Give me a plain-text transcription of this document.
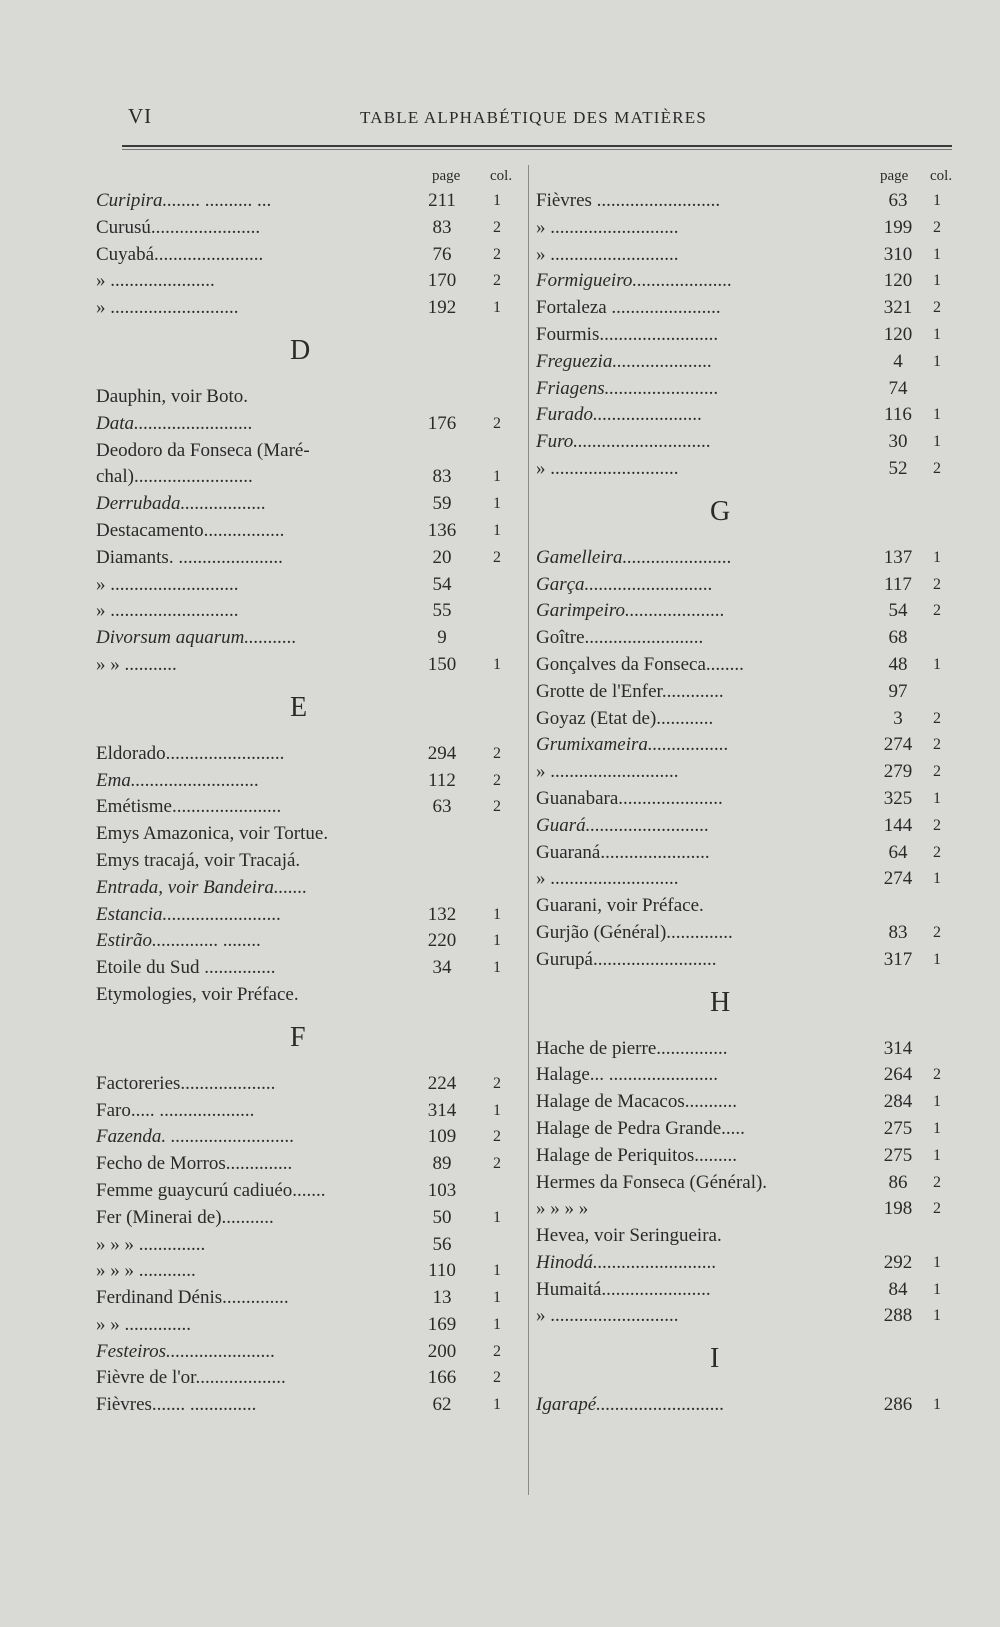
VI	TABLE ALPHABÉTIQUE DES MATIÈRES
page col.
Curipira........ .......... ...	211	1
Curusú.......................	83	2
Cuyabá.......................	76	2
» ......................	170	2
» ...........................	192	1
D
Dauphin, voir Boto.
Data.........................	176	2
Deodoro da Fonseca (Maré-
chal).........................	83	1
Derrubada..................	59	1
Destacamento.................	136	1
Diamants. ......................	20	2
» ...........................	54
» ...........................	55
Divorsum aquarum...........	9
» » ...........	150	1
E
Eldorado.........................	294	2
Ema...........................	112	2
Emétisme.......................	63	2
Emys Amazonica, voir Tortue.
Emys tracajá, voir Tracajá.
Entrada, voir Bandeira.......
Estancia.........................	132	1
Estirão.............. ........	220	1
Etoile du Sud ...............	34	1
Etymologies, voir Préface.
F
Factoreries....................	224	2
Faro..... ....................	314	1
Fazenda. ..........................	109	2
Fecho de Morros..............	89	2
Femme guaycurú cadiuéo.......	103
Fer (Minerai de)...........	50	1
» » » ..............	56
» » » ............	110	1
Ferdinand Dénis..............	13	1
» » ..............	169	1
Festeiros.......................	200	2
Fièvre de l'or...................	166	2
Fièvres....... ..............	62	1
page col.
Fièvres ..........................	63	1
» ...........................	199	2
» ...........................	310	1
Formigueiro.....................	120	1
Fortaleza .......................	321	2
Fourmis.........................	120	1
Freguezia.....................	4	1
Friagens........................	74
Furado.......................	116	1
Furo.............................	30	1
» ...........................	52	2
G
Gamelleira.......................	137	1
Garça...........................	117	2
Garimpeiro.....................	54	2
Goître.........................	68
Gonçalves da Fonseca........	48	1
Grotte de l'Enfer.............	97
Goyaz (Etat de)............	3	2
Grumixameira.................	274	2
» ...........................	279	2
Guanabara......................	325	1
Guará..........................	144	2
Guaraná.......................	64	2
» ...........................	274	1
Guarani, voir Préface.
Gurjão (Général)..............	83	2
Gurupá..........................	317	1
H
Hache de pierre...............	314
Halage... .......................	264	2
Halage de Macacos...........	284	1
Halage de Pedra Grande.....	275	1
Halage de Periquitos.........	275	1
Hermes da Fonseca (Général).	86	2
» » » »	198	2
Hevea, voir Seringueira.
Hinodá..........................	292	1
Humaitá.......................	84	1
» ...........................	288	1
I
Igarapé...........................	286	1
